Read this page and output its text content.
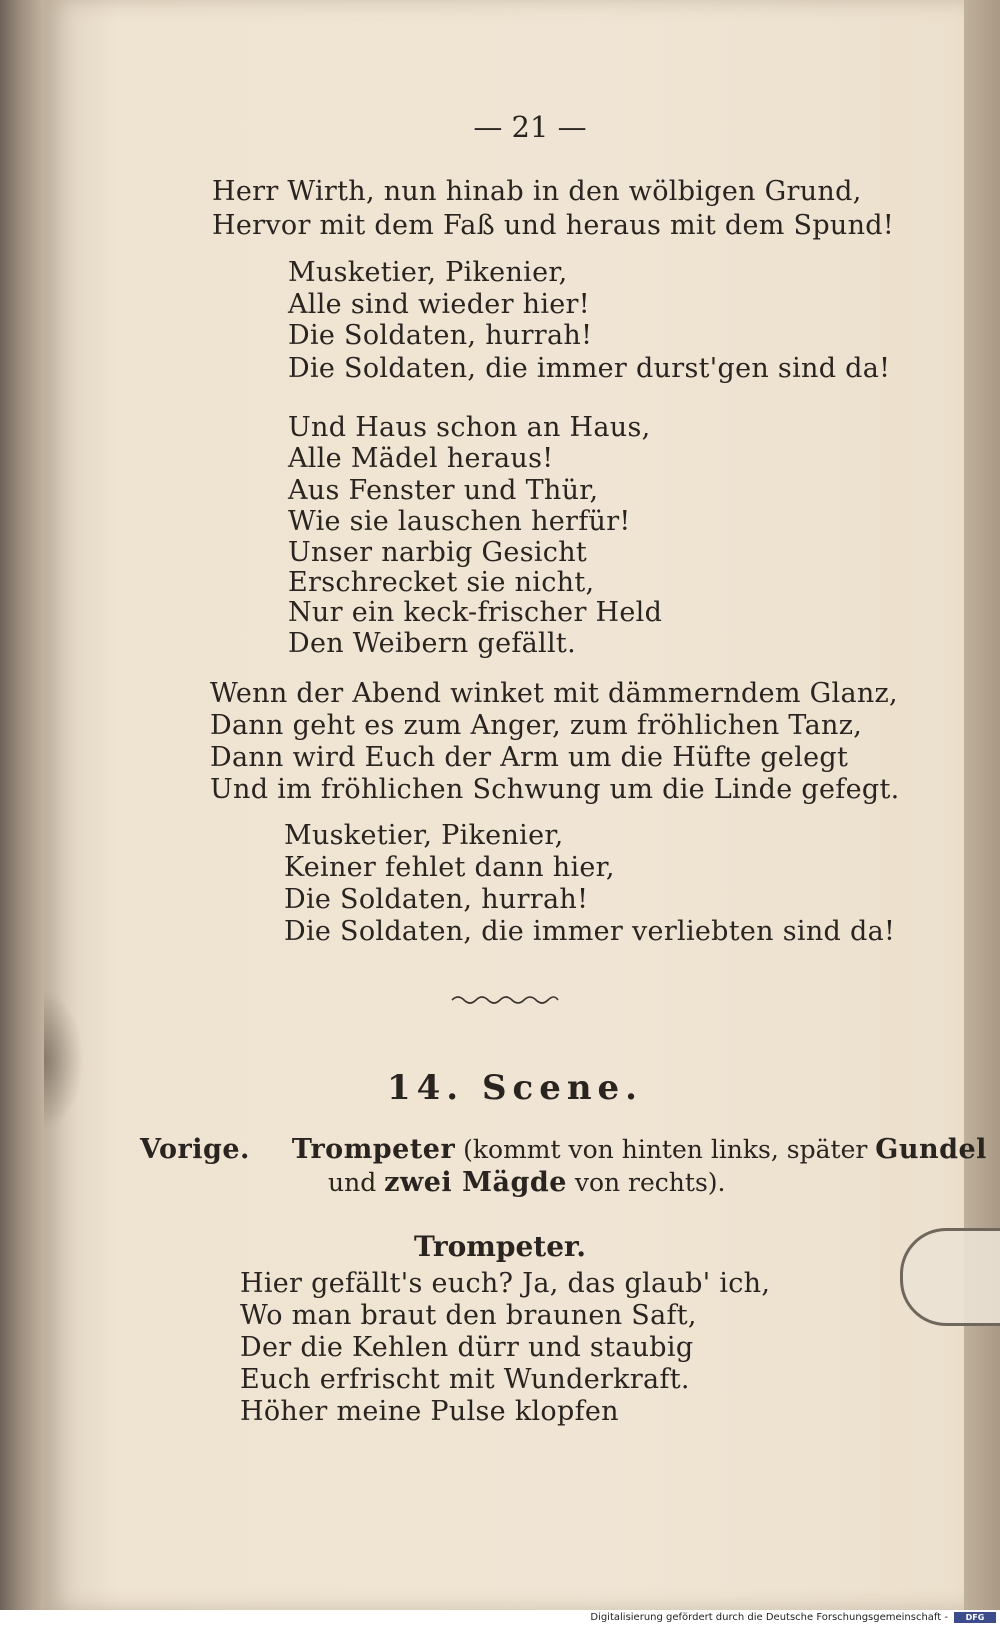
— 21 —
Herr Wirth, nun hinab in den wölbigen Grund,
Hervor mit dem Faß und heraus mit dem Spund!
Musketier, Pikenier,
Alle sind wieder hier!
Die Soldaten, hurrah!
Die Soldaten, die immer durst'gen sind da!
Und Haus schon an Haus,
Alle Mädel heraus!
Aus Fenster und Thür,
Wie sie lauschen herfür!
Unser narbig Gesicht
Erschrecket sie nicht,
Nur ein keck-frischer Held
Den Weibern gefällt.
Wenn der Abend winket mit dämmerndem Glanz,
Dann geht es zum Anger, zum fröhlichen Tanz,
Dann wird Euch der Arm um die Hüfte gelegt
Und im fröhlichen Schwung um die Linde gefegt.
Musketier, Pikenier,
Keiner fehlet dann hier,
Die Soldaten, hurrah!
Die Soldaten, die immer verliebten sind da!
14. Scene.
Vorige. Trompeter (kommt von hinten links, später Gundel
und zwei Mägde von rechts).
Trompeter.
Hier gefällt's euch? Ja, das glaub' ich,
Wo man braut den braunen Saft,
Der die Kehlen dürr und staubig
Euch erfrischt mit Wunderkraft.
Höher meine Pulse klopfen
Digitalisierung gefördert durch die Deutsche Forschungsgemeinschaft -	DFG
